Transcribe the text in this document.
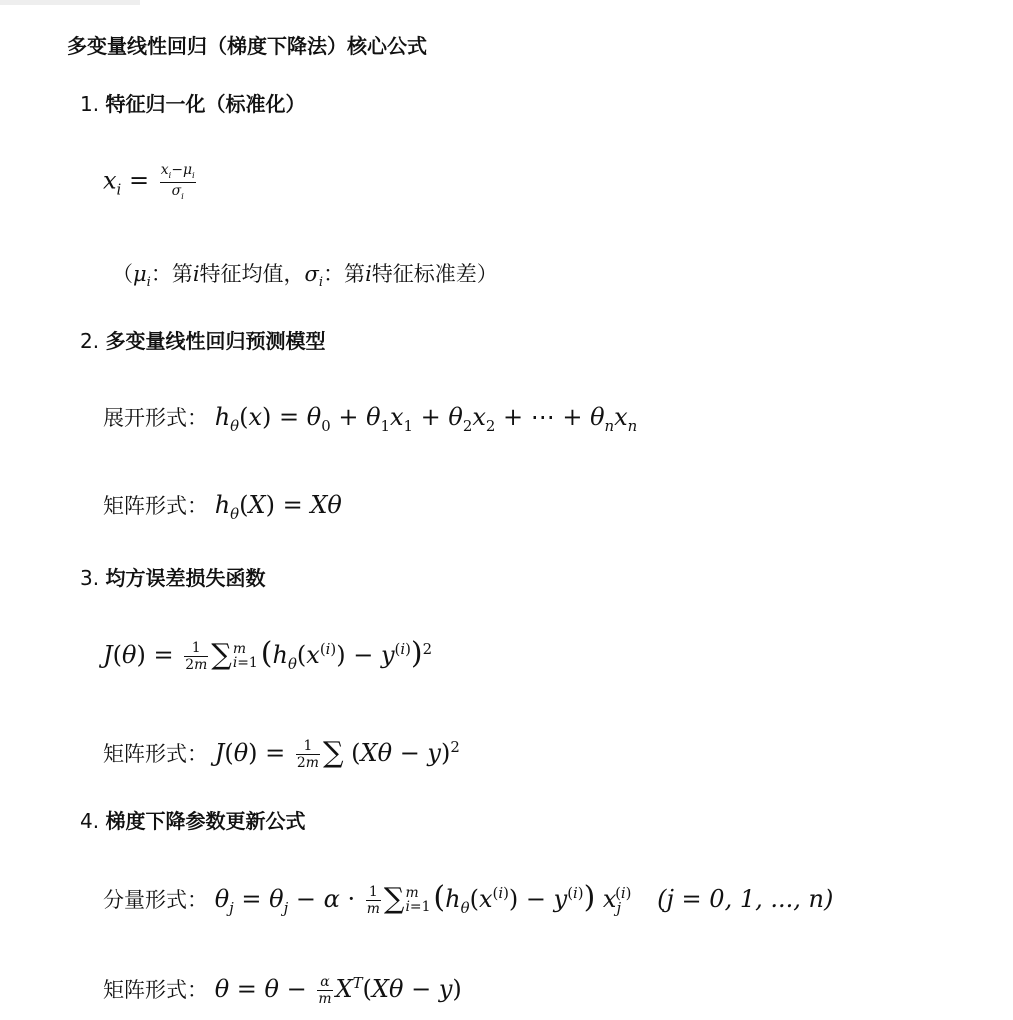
多变量线性回归（梯度下降法）核心公式
1. 特征归一化（标准化）
$x_i = \frac{x_i-\mu_i}{\sigma_i}$
（$\mu_i$：第i特征均值，$\sigma_i$：第i特征标准差）
2. 多变量线性回归预测模型
展开形式： $h_\theta(x) = \theta_0 + \theta_1x_1 + \theta_2x_2$ + ⋯ + $\theta_nx_n$
矩阵形式： $h_\theta(X) = X\theta$
3. 均方误差损失函数
$J(\theta) = \frac{1}{2m}$ ∑ m
i=1 $(h_\theta(x^{(i)}) - y^{(i)})^2$
矩阵形式： $J(\theta) = \frac{1}{2m}$ ∑ $(X\theta - y)^2$
4. 梯度下降参数更新公式
分量形式： $\theta_j = \theta_j - \alpha \cdot \frac{1}{m}$ ∑ m
i=1 $(h_\theta(x^{(i)}) - y^{(i)})$ $x_j^{(i)}$ (j = 0, 1, ..., n)
矩阵形式： $\theta = \theta - \frac{\alpha}{m} X^T(X\theta - y)$
